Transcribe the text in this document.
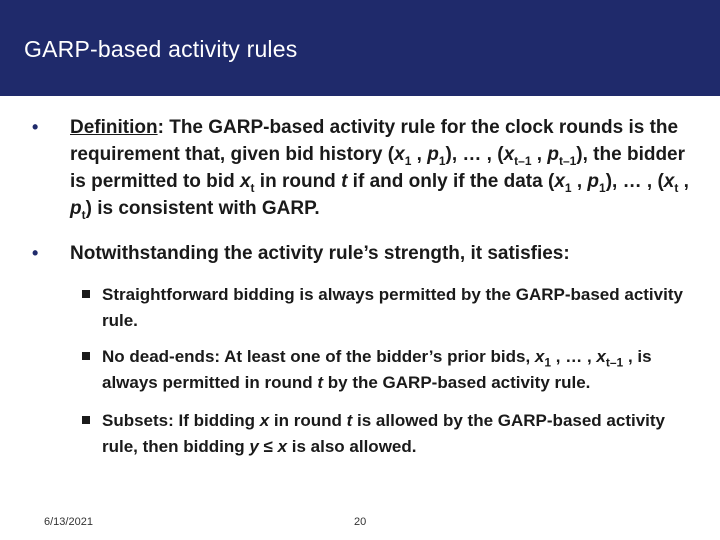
GARP-based activity rules
• Definition: The GARP-based activity rule for the clock rounds is the requirement that, given bid history ($x_1$ , $p_1$), … , ($x_{t-1}$ , $p_{t-1}$), the bidder is permitted to bid $x_t$ in round t if and only if the data ($x_1$ , $p_1$), … , ($x_t$ , $p_t$) is consistent with GARP.
• Notwithstanding the activity rule’s strength, it satisfies:
Straightforward bidding is always permitted by the GARP-based activity rule.
No dead-ends: At least one of the bidder’s prior bids, $x_1$ , … , $x_{t-1}$ , is always permitted in round t by the GARP-based activity rule.
Subsets: If bidding x in round t is allowed by the GARP-based activity rule, then bidding y ≤ x is also allowed.
6/13/2021	20
